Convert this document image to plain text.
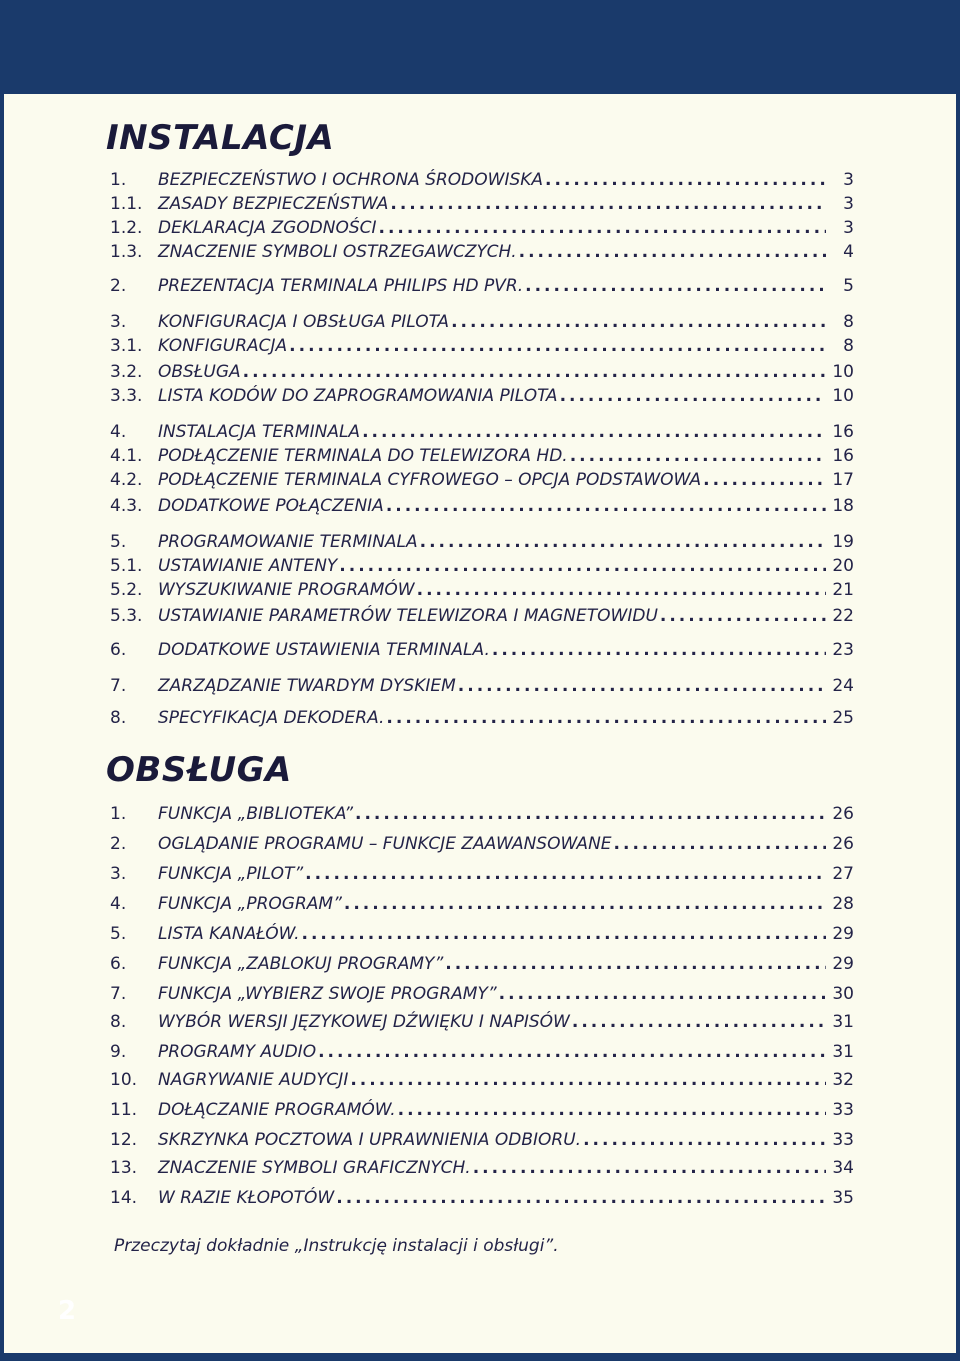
INSTALACJA
1.	BEZPIECZEŃSTWO I OCHRONA ŚRODOWISKA .....	3
1.1. ZASADY BEZPIECZEŃSTWA .....	3
1.2. DEKLARACJA ZGODNOŚCI .....	3
1.3. ZNACZENIE SYMBOLI OSTRZEGAWCZYCH. .....	4
2.	PREZENTACJA TERMINALA PHILIPS HD PVR. .....	5
3.	KONFIGURACJA I OBSŁUGA PILOTA .....	8
3.1. KONFIGURACJA .....	8
3.2. OBSŁUGA .....	10
3.3. LISTA KODÓW DO ZAPROGRAMOWANIA PILOTA .....	10
4.	INSTALACJA TERMINALA .....	16
4.1. PODŁĄCZENIE TERMINALA DO TELEWIZORA HD. .....	16
4.2. PODŁĄCZENIE TERMINALA CYFROWEGO – OPCJA PODSTAWOWA .....	17
4.3. DODATKOWE POŁĄCZENIA .....	18
5.	PROGRAMOWANIE TERMINALA .....	19
5.1. USTAWIANIE ANTENY .....	20
5.2. WYSZUKIWANIE PROGRAMÓW .....	21
5.3. USTAWIANIE PARAMETRÓW TELEWIZORA I MAGNETOWIDU .....	22
6.	DODATKOWE USTAWIENIA TERMINALA. .....	23
7.	ZARZĄDZANIE TWARDYM DYSKIEM .....	24
8.	SPECYFIKACJA DEKODERA. .....	25
OBSŁUGA
1.	FUNKCJA „BIBLIOTEKA” .....	26
2.	OGLĄDANIE PROGRAMU – FUNKCJE ZAAWANSOWANE .....	26
3.	FUNKCJA „PILOT” .....	27
4.	FUNKCJA „PROGRAM” .....	28
5.	LISTA KANAŁÓW. .....	29
6.	FUNKCJA „ZABLOKUJ PROGRAMY” .....	29
7.	FUNKCJA „WYBIERZ SWOJE PROGRAMY” .....	30
8.	WYBÓR WERSJI JĘZYKOWEJ DŹWIĘKU I NAPISÓW .....	31
9.	PROGRAMY AUDIO .....	31
10.	NAGRYWANIE AUDYCJI .....	32
11.	DOŁĄCZANIE PROGRAMÓW. .....	33
12.	SKRZYNKA POCZTOWA I UPRAWNIENIA ODBIORU. .....	33
13.	ZNACZENIE SYMBOLI GRAFICZNYCH. .....	34
14.	W RAZIE KŁOPOTÓW .....	35
Przeczytaj dokładnie „Instrukcję instalacji i obsługi”.
2
